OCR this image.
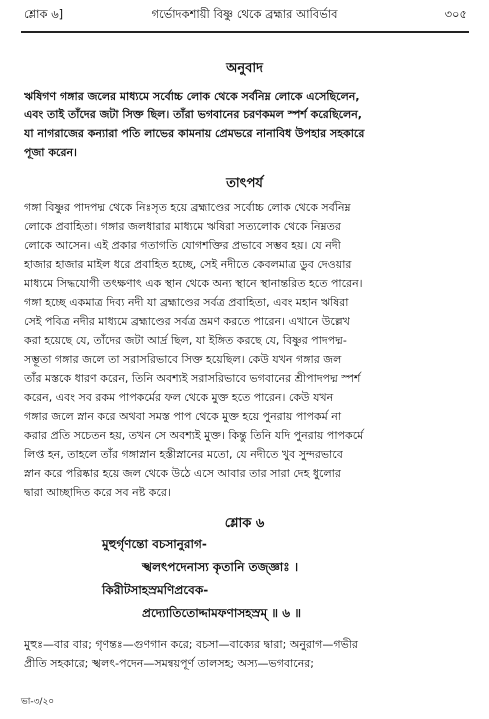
শ্লোক ৬]	গর্ভোদকশায়ী বিষ্ণু থেকে ব্রহ্মার আবির্ভাব	৩০৫
অনুবাদ
ঋষিগণ গঙ্গার জলের মাধ্যমে সর্বোচ্চ লোক থেকে সর্বনিম্ন লোকে এসেছিলেন,
এবং তাই তাঁদের জটা সিক্ত ছিল। তাঁরা ভগবানের চরণকমল স্পর্শ করেছিলেন,
যা নাগরাজের কন্যারা পতি লাভের কামনায় প্রেমভরে নানাবিধ উপহার সহকারে
পূজা করেন।
তাৎপর্য
গঙ্গা বিষ্ণুর পাদপদ্ম থেকে নিঃসৃত হয়ে ব্রহ্মাণ্ডের সর্বোচ্চ লোক থেকে সর্বনিম্ন
লোকে প্রবাহিতা। গঙ্গার জলধারার মাধ্যমে ঋষিরা সত্যলোক থেকে নিম্নতর
লোকে আসেন। এই প্রকার গতাগতি যোগশক্তির প্রভাবে সম্ভব হয়। যে নদী
হাজার হাজার মাইল ধরে প্রবাহিত হচ্ছে, সেই নদীতে কেবলমাত্র ডুব দেওয়ার
মাধ্যমে সিদ্ধযোগী তৎক্ষণাৎ এক স্থান থেকে অন্য স্থানে স্থানান্তরিত হতে পারেন।
গঙ্গা হচ্ছে একমাত্র দিব্য নদী যা ব্রহ্মাণ্ডের সর্বত্র প্রবাহিতা, এবং মহান ঋষিরা
সেই পবিত্র নদীর মাধ্যমে ব্রহ্মাণ্ডের সর্বত্র ভ্রমণ করতে পারেন। এখানে উল্লেখ
করা হয়েছে যে, তাঁদের জটা আর্দ্র ছিল, যা ইঙ্গিত করছে যে, বিষ্ণুর পাদপদ্ম-
সম্ভূতা গঙ্গার জলে তা সরাসরিভাবে সিক্ত হয়েছিল। কেউ যখন গঙ্গার জল
তাঁর মস্তকে ধারণ করেন, তিনি অবশ্যই সরাসরিভাবে ভগবানের শ্রীপাদপদ্ম স্পর্শ
করেন, এবং সব রকম পাপকর্মের ফল থেকে মুক্ত হতে পারেন। কেউ যখন
গঙ্গার জলে স্নান করে অথবা সমস্ত পাপ থেকে মুক্ত হয়ে পুনরায় পাপকর্ম না
করার প্রতি সচেতন হয়, তখন সে অবশ্যই মুক্ত। কিন্তু তিনি যদি পুনরায় পাপকর্মে
লিপ্ত হন, তাহলে তাঁর গঙ্গাস্নান হস্তীস্নানের মতো, যে নদীতে খুব সুন্দরভাবে
স্নান করে পরিষ্কার হয়ে জল থেকে উঠে এসে আবার তার সারা দেহ ধুলোর
দ্বারা আচ্ছাদিত করে সব নষ্ট করে।
শ্লোক ৬
মুহুর্গৃণন্তো বচসানুরাগ-
স্খলৎপদেনাস্য কৃতানি তজ্জ্ঞাঃ ।
কিরীটসাহস্রমণিপ্রবেক-
প্রদ্যোতিতোদ্দামফণাসহস্রম্ ॥ ৬ ॥
মুহুঃ—বার বার; গৃণন্তঃ—গুণগান করে; বচসা—বাক্যের দ্বারা; অনুরাগ—গভীর
প্রীতি সহকারে; স্খলৎ-পদেন—সমন্বয়পূর্ণ তালসহ; অস্য—ভগবানের;
ভা-৩/২০
